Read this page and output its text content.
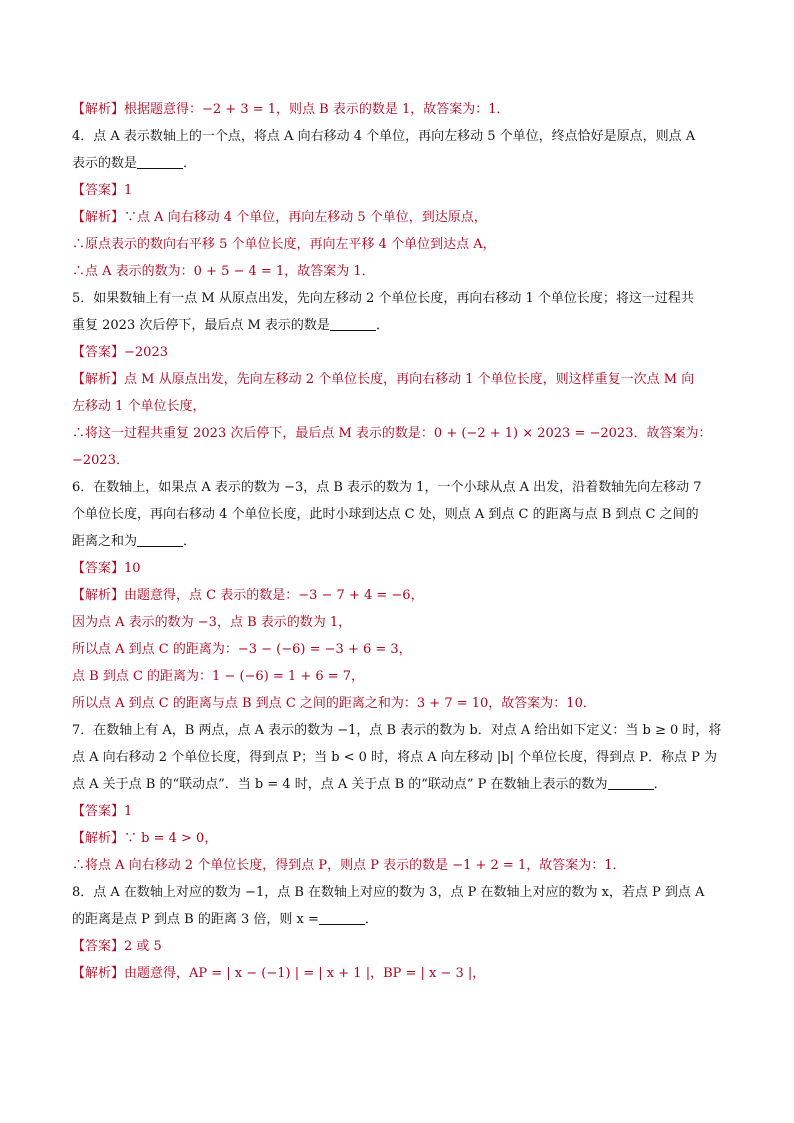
【解析】根据题意得：−2 + 3 = 1，则点 B 表示的数是 1，故答案为：1．
4．点 A 表示数轴上的一个点，将点 A 向右移动 4 个单位，再向左移动 5 个单位，终点恰好是原点，则点 A
表示的数是	．
【答案】1
【解析】∵点 A 向右移动 4 个单位，再向左移动 5 个单位，到达原点，
∴原点表示的数向右平移 5 个单位长度，再向左平移 4 个单位到达点 A，
∴点 A 表示的数为：0 + 5 − 4 = 1，故答案为 1．
5．如果数轴上有一点 M 从原点出发，先向左移动 2 个单位长度，再向右移动 1 个单位长度；将这一过程共
重复 2023 次后停下，最后点 M 表示的数是	．
【答案】−2023
【解析】点 M 从原点出发，先向左移动 2 个单位长度，再向右移动 1 个单位长度，则这样重复一次点 M 向
左移动 1 个单位长度，
∴将这一过程共重复 2023 次后停下，最后点 M 表示的数是：0 + (−2 + 1) × 2023 = −2023．故答案为：
−2023．
6．在数轴上，如果点 A 表示的数为 −3，点 B 表示的数为 1，一个小球从点 A 出发，沿着数轴先向左移动 7
个单位长度，再向右移动 4 个单位长度，此时小球到达点 C 处，则点 A 到点 C 的距离与点 B 到点 C 之间的
距离之和为	．
【答案】10
【解析】由题意得，点 C 表示的数是：−3 − 7 + 4 = −6，
因为点 A 表示的数为 −3，点 B 表示的数为 1，
所以点 A 到点 C 的距离为：−3 − (−6) = −3 + 6 = 3，
点 B 到点 C 的距离为：1 − (−6) = 1 + 6 = 7，
所以点 A 到点 C 的距离与点 B 到点 C 之间的距离之和为：3 + 7 = 10，故答案为：10．
7．在数轴上有 A，B 两点，点 A 表示的数为 −1，点 B 表示的数为 b．对点 A 给出如下定义：当 b ≥ 0 时，将
点 A 向右移动 2 个单位长度，得到点 P；当 b < 0 时，将点 A 向左移动 |b| 个单位长度，得到点 P．称点 P 为
点 A 关于点 B 的“联动点”．当 b = 4 时，点 A 关于点 B 的“联动点” P 在数轴上表示的数为	．
【答案】1
【解析】∵ b = 4 > 0，
∴将点 A 向右移动 2 个单位长度，得到点 P，则点 P 表示的数是 −1 + 2 = 1，故答案为：1．
8．点 A 在数轴上对应的数为 −1，点 B 在数轴上对应的数为 3，点 P 在数轴上对应的数为 x，若点 P 到点 A
的距离是点 P 到点 B 的距离 3 倍，则 x =	．
【答案】2 或 5
【解析】由题意得，AP = | x − (−1) | = | x + 1 |，BP = | x − 3 |，
